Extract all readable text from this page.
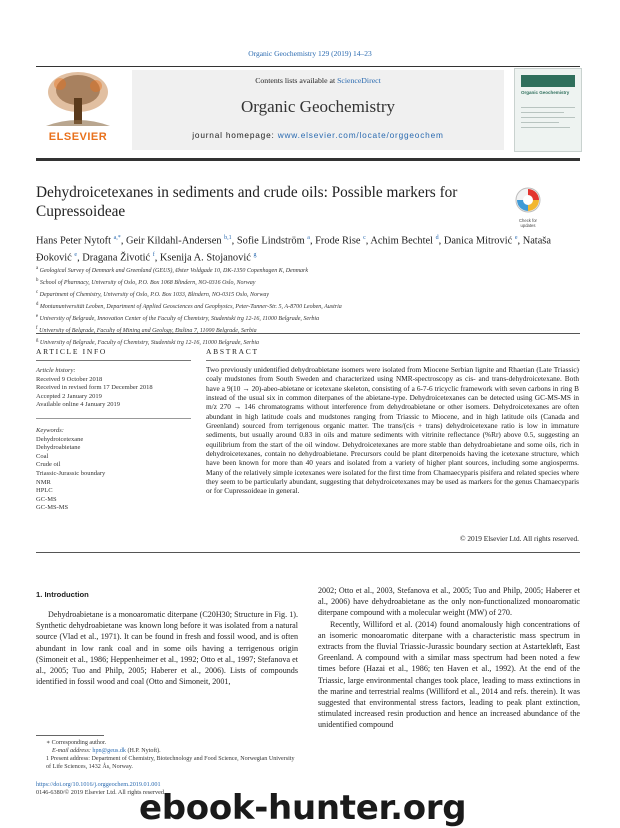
Organic Geochemistry 129 (2019) 14–23
Contents lists available at ScienceDirect
Organic Geochemistry
journal homepage: www.elsevier.com/locate/orggeochem
ELSEVIER
Organic Geochemistry
Dehydroicetexanes in sediments and crude oils: Possible markers for Cupressoideae
Check for updates
Hans Peter Nytoft $^{a,*}$, Geir Kildahl-Andersen $^{b,1}$, Sofie Lindström $^a$, Frode Rise $^c$, Achim Bechtel $^d$, Danica Mitrović $^e$, Nataša Đoković $^e$, Dragana Životić $^f$, Ksenija A. Stojanović $^g$
$^a$ Geological Survey of Denmark and Greenland (GEUS), Øster Voldgade 10, DK-1350 Copenhagen K, Denmark
$^b$ School of Pharmacy, University of Oslo, P.O. Box 1068 Blindern, NO-0316 Oslo, Norway
$^c$ Department of Chemistry, University of Oslo, P.O. Box 1033, Blindern, NO-0315 Oslo, Norway
$^d$ Montanuniversität Leoben, Department of Applied Geosciences and Geophysics, Peter-Tunner-Str. 5, A-8700 Leoben, Austria
$^e$ University of Belgrade, Innovation Center of the Faculty of Chemistry, Studentski trg 12-16, 11000 Belgrade, Serbia
$^f$ University of Belgrade, Faculty of Mining and Geology, Đušina 7, 11000 Belgrade, Serbia
$^g$ University of Belgrade, Faculty of Chemistry, Studentski trg 12-16, 11000 Belgrade, Serbia
ARTICLE INFO	ABSTRACT
Article history:
Received 9 October 2018
Received in revised form 17 December 2018
Accepted 2 January 2019
Available online 4 January 2019
Keywords:
Dehydroicetexane
Dehydroabietane
Coal
Crude oil
Triassic-Jurassic boundary
NMR
HPLC
GC-MS
GC-MS-MS
Two previously unidentified dehydroabietane isomers were isolated from Miocene Serbian lignite and Rhaetian (Late Triassic) coaly mudstones from South Sweden and characterized using NMR-spectroscopy as cis- and trans-dehydroicetexane. Both have a 9(10 → 20)-abeo-abietane or icetexane skeleton, consisting of a 6-7-6 tricyclic framework with seven carbons in ring B instead of the usual six in common diterpanes of the abietane-type. Dehydroicetexanes can be detected using GC-MS-MS in m/z 270 → 146 chromatograms without interference from dehydroabietane or other isomers. Dehydroicetexanes are often abundant in high latitude coals and mudstones ranging from Triassic to Miocene, and in high latitude oils (Canada and Greenland) sourced from terrigenous organic matter. The trans/(cis + trans) dehydroicetexane ratio is low in immature sediments, but usually around 0.83 in oils and mature sediments with vitrinite reflectance (%Rr) above 0.5, suggesting an equilibrium from the start of the oil window. Dehydroicetexanes are more stable than dehydroabietane and some oils, rich in dehydroicetexanes, contain no dehydroabietane. Precursors could be plant diterpenoids having the icetexane structure, which have been known for more than 40 years and isolated from a variety of higher plant sources, including some angiosperms. Many of the relatively simple icetexanes were isolated for the first time from Chamaecyparis pisifera and related species where they seem to be particularly abundant, suggesting that dehydroicetexanes may be used as markers for the genus Chamaecyparis or for Cupressoideae in general.
© 2019 Elsevier Ltd. All rights reserved.
1. Introduction
Dehydroabietane is a monoaromatic diterpane (C20H30; Structure in Fig. 1). Synthetic dehydroabietane was known long before it was isolated from a natural source (Vlad et al., 1971). It can be found in fresh and fossil wood, and is often abundant in low rank coal and in some oils having a terrigenous origin (Simoneit et al., 1986; Heppenheimer et al., 1992; Otto et al., 1997; Stefanova et al., 2005; Tuo and Philp, 2005; Haberer et al., 2006). Lists of compounds identified in fossil wood and coal (Otto and Simoneit, 2001,

2002; Otto et al., 2003, Stefanova et al., 2005; Tuo and Philp, 2005; Haberer et al., 2006) have dehydroabietane as the only non-functionalized monoaromatic diterpane compound with a molecular weight (MW) of 270.

Recently, Williford et al. (2014) found anomalously high concentrations of an isomeric monoaromatic diterpane with a characteristic mass spectrum in extracts from the fluvial Triassic-Jurassic boundary section at Astartekløft, East Greenland. A compound with a similar mass spectrum had been noted a few times before (Hazai et al., 1986; ten Haven et al., 1992). At the end of the Triassic, large environmental changes took place, leading to mass extinctions in the marine and terrestrial realms (Williford et al., 2014 and refs. therein). It was suggested that environmental stress factors, leading to peak plant extinction, stimulated increased resin production and hence an increased abundance of the unidentified compound

∗ Corresponding author.
E-mail address: hpn@geus.dk (H.P. Nytoft).
1 Present address: Department of Chemistry, Biotechnology and Food Science, Norwegian University of Life Sciences, 1432 Ås, Norway.
https://doi.org/10.1016/j.orggeochem.2019.01.001
0146-6380/© 2019 Elsevier Ltd. All rights reserved.
ebook-hunter.org
